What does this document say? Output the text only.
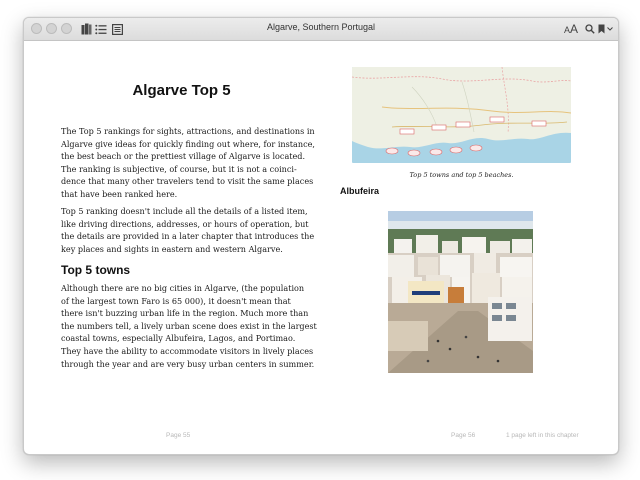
Algarve, Southern Portugal	AA
Algarve Top 5
The Top 5 rankings for sights, attractions, and destinations in
Algarve give ideas for quickly finding out where, for instance,
the best beach or the prettiest village of Algarve is located.
The ranking is subjective, of course, but it is not a coinci-
dence that many other travelers tend to visit the same places
that have been ranked here.
Top 5 ranking doesn't include all the details of a listed item,
like driving directions, addresses, or hours of operation, but
the details are provided in a later chapter that introduces the
key places and sights in eastern and western Algarve.
Top 5 towns
Although there are no big cities in Algarve, (the population
of the largest town Faro is 65 000), it doesn't mean that
there isn't buzzing urban life in the region. Much more than
the numbers tell, a lively urban scene does exist in the largest
coastal towns, especially Albufeira, Lagos, and Portimao.
They have the ability to accommodate visitors in lively places
through the year and are very busy urban centers in summer.
Page 55
Top 5 towns and top 5 beaches.
Albufeira
Page 56	1 page left in this chapter
